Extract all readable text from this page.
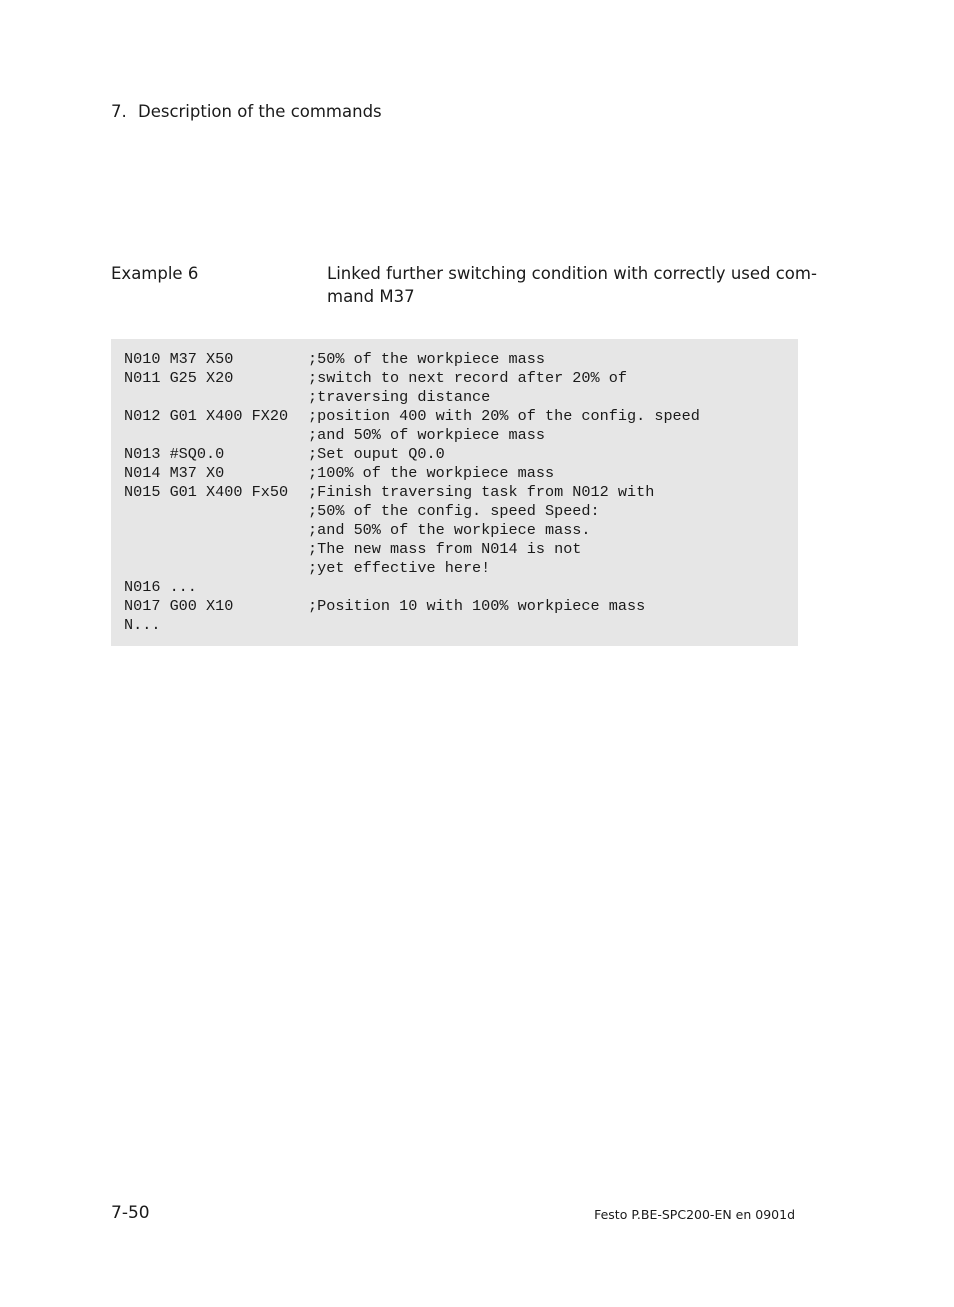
7. Description of the commands
Example 6	Linked further switching condition with correctly used com-
mand M37
N010 M37 X50	;50% of the workpiece mass
N011 G25 X20	;switch to next record after 20% of
;traversing distance
N012 G01 X400 FX20	;position 400 with 20% of the config. speed
;and 50% of workpiece mass
N013 #SQ0.0	;Set ouput Q0.0
N014 M37 X0	;100% of the workpiece mass
N015 G01 X400 Fx50	;Finish traversing task from N012 with
;50% of the config. speed Speed:
;and 50% of the workpiece mass.
;The new mass from N014 is not
;yet effective here!
N016 ...
N017 G00 X10	;Position 10 with 100% workpiece mass
N...
7-50	Festo P.BE-SPC200-EN en 0901d
